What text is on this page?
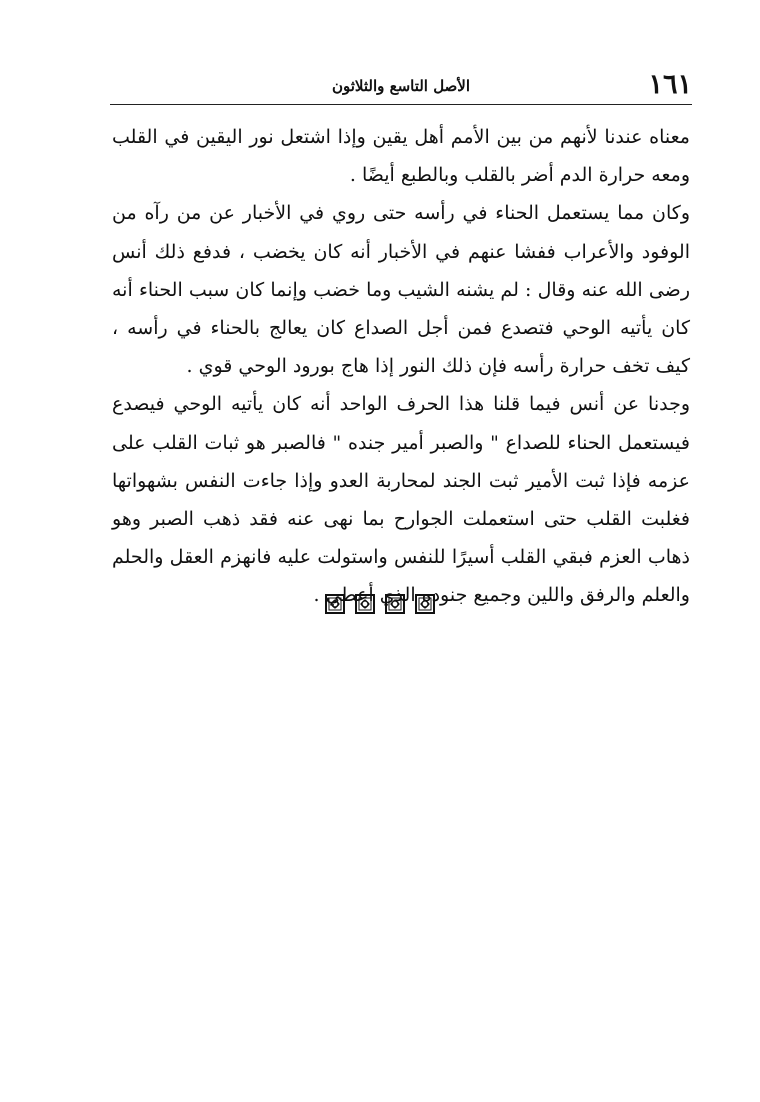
١٦١
الأصل التاسع والثلاثون

معناه عندنا لأنهم من بين الأمم أهل يقين وإذا اشتعل نور اليقين في القلب ومعه حرارة الدم أضر بالقلب وبالطبع أيضًا .

وكان مما يستعمل الحناء في رأسه حتى روي في الأخبار عن من رآه من الوفود والأعراب ففشا عنهم في الأخبار أنه كان يخضب ، فدفع ذلك أنس رضى الله عنه وقال : لم يشنه الشيب وما خضب وإنما كان سبب الحناء أنه كان يأتيه الوحي فتصدع فمن أجل الصداع كان يعالج بالحناء في رأسه ، كيف تخف حرارة رأسه فإن ذلك النور إذا هاج بورود الوحي قوي .

وجدنا عن أنس فيما قلنا هذا الحرف الواحد أنه كان يأتيه الوحي فيصدع فيستعمل الحناء للصداع " والصبر أمير جنده " فالصبر هو ثبات القلب على عزمه فإذا ثبت الأمير ثبت الجند لمحاربة العدو وإذا جاءت النفس بشهواتها فغلبت القلب حتى استعملت الجوارح بما نهى عنه فقد ذهب الصبر وهو ذهاب العزم فبقي القلب أسيرًا للنفس واستولت عليه فانهزم العقل والحلم والعلم والرفق واللين وجميع جنوده الذي أعطي .
